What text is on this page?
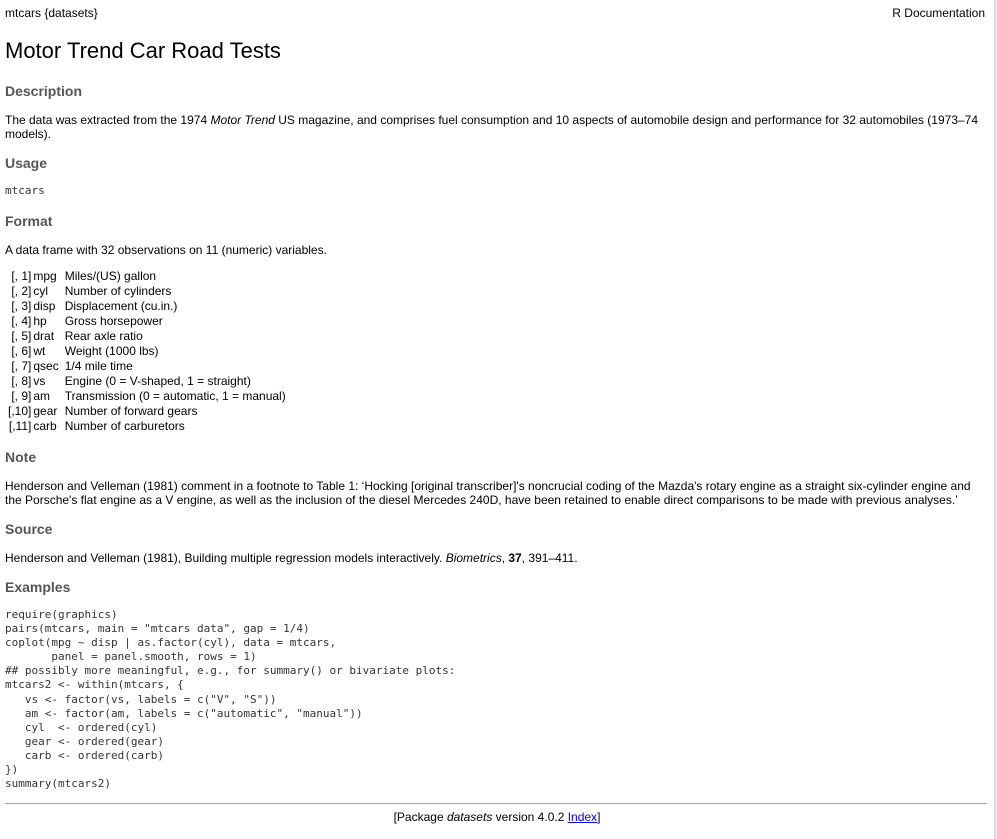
mtcars {datasets}	R Documentation
Motor Trend Car Road Tests
Description

The data was extracted from the 1974 Motor Trend US magazine, and comprises fuel consumption and 10 aspects of automobile design and performance for 32 automobiles (1973–74 models).

Usage
mtcars
Format

A data frame with 32 observations on 11 (numeric) variables.

[, 1]	mpg	Miles/(US) gallon
[, 2]	cyl	Number of cylinders
[, 3]	disp	Displacement (cu.in.)
[, 4]	hp	Gross horsepower
[, 5]	drat	Rear axle ratio
[, 6]	wt	Weight (1000 lbs)
[, 7]	qsec	1/4 mile time
[, 8]	vs	Engine (0 = V-shaped, 1 = straight)
[, 9]	am	Transmission (0 = automatic, 1 = manual)
[,10]	gear	Number of forward gears
[,11]	carb	Number of carburetors
Note

Henderson and Velleman (1981) comment in a footnote to Table 1: ‘Hocking [original transcriber]'s noncrucial coding of the Mazda's rotary engine as a straight six-cylinder engine and the Porsche's flat engine as a V engine, as well as the inclusion of the diesel Mercedes 240D, have been retained to enable direct comparisons to be made with previous analyses.’

Source

Henderson and Velleman (1981), Building multiple regression models interactively. Biometrics, 37, 391–411.

Examples
require(graphics)
pairs(mtcars, main = "mtcars data", gap = 1/4)
coplot(mpg ~ disp | as.factor(cyl), data = mtcars,
panel = panel.smooth, rows = 1)
## possibly more meaningful, e.g., for summary() or bivariate plots:
mtcars2 <- within(mtcars, {
vs <- factor(vs, labels = c("V", "S"))
am <- factor(am, labels = c("automatic", "manual"))
cyl  <- ordered(cyl)
gear <- ordered(gear)
carb <- ordered(carb)
})
summary(mtcars2)
[Package datasets version 4.0.2 Index]
